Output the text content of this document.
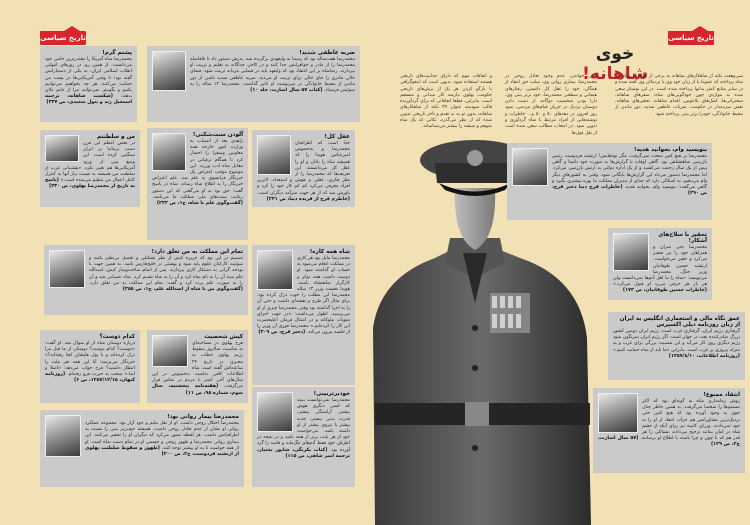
تاریخ سیاسی	تاریخ سیاسی
خوی شاهانه!
سی‌وهفت نکته از شاهکارهای شاهانه به برخی از اتفاقات پیرامونی شاه پرداخته که عموما یا از زبان خود وی یا نزدیکان وی گفته شده و در سایر منابع کمتر بدانها پرداخته شده است. در این نوشتار سعی شده به مواردی چون خودگویی‌های شاه، سفرهای شاهانه، سخنرانی‌ها، کمک‌های بلاعوض، اقدام شاهانه، تحقیرهای شاهانه، نقش سردمدار در حکومت، ضربات عاطفی شدید، دور ماندن از محیط خانوادگی، خودرا برتر بینی پرداخته شود.
الهی خواندن، عدم وجود تعادل روحی در محمدرضا، بیماری روانی وی، سلب حق انتقاد از همگان، خود را عقل کل دانستن، رفتارهای هیجانی و سطحی محمدرضا، خود برتر بینی وی، دارا بودن شخصیت دوگانه، از دست دادن دوستان نزدیک در جریان قیام‌های مردمی، نمود روز افزون در دهه‌های ۵۰ و ۵۰ و... خاطرات و نوشته‌هایی از افراد مرتبط با شاه گردآوری و تدوین شود. در انتخاب مطالب سعی شده است از نقل قول‌ها
و اتفاقات مهم که دارای جذابیت‌های تاریخی هستند استفاده شود. بدیهی است که اینفوگرافی با بازگو کردن هر یک از برش‌های تاریخی حکومت پهلوی نیازمند کار میدانی و منسجم است. بنابراین، قطعا اتفاقاتی که برای گردآورنده قالب سودمند عنوان ۳۷ نکته از شاهکارهای شاهانه، بدون تو به به تقدم و تاخر تاریخی تدوین شده که از نظر می‌گذرد، نکاتی که یک شاه متوهم و شیفته را بیشتر می‌شناساند.
پشتم گرم!

محمدرضا شاه آمریکا را مقتدرترین حامی خود می‌دانست. از همین رو، در روزهای انتهایی انقلاب اسلامی ایران، به یکی از دستیارانش گفته بود: تا وقتی آمریکایی‌ها در پشت من حمایت می‌کنند، هر چه بخواهیم می‌توانیم بکنیم و بگوییم. نمی‌توانند مرا از جایم تکان بدهند. (شکست شاهانه، ترجمه اسمعیل زند و بتول سعیدی، ص ۳۳۷)

ضربه عاطفی شدید!

محمدرضا هفت‌ساله بود که رسما به ولیعهدی برگزیده شد. پدرش دستور داد تا بلافاصله محمدرضا را از مادر و خواهرانش جدا کنند و در کاخی جداگانه به تعلیم و تربیت او بپردازند. رضاشاه بر این اعتقاد بود که ولیعهد باید در فضایی مردانه تربیت شود. فضای خالی مادری را جای خالی برای تربیت او می‌دید. ضربه عاطفی شدید ناشی از دور ماندن از محیط خانوادگی در سرنوشت او تاثیر گذاشت. محمدرضا ۱۲ ساله را به سوئیس فرستاد. (کتاب ۵۷ سال اسارت، جلد ۱۰)

من و سلطنتم

در بخش اعظم این قرن دست بریتانیا بر ایران سنگینی کرده است. این وضع پس از ورود آمریکایی‌ها هم تغییر نکرد. «پشتیبانی غرب از سلطنت من همیشه به نسبت نیاز آنها به کنترل کامل اعمال من تنظیم می‌شده است.» (پاسخ به تاریخ از محمدرضا پهلوی، ص ۲۳۰)

آلودن سنت‌شکنی!

زاهدی بعد از انتصاب به وزارت امور خارجه همه معاونین وسفرا را احضار کرد تا همگام ترقیاتی در مقابل شاه ادب ورزند. این موضوع موجب اعتراض یک خبرنگار فرانسوی به علم شد. علم اعتراض خبرنگار را به اطلاع شاه رساند. شاه در پاسخ گفت: حق بود به او می‌گفتی که این دستور رعایت سنت‌های ملی مملکت ما می‌باشد. (گفت‌وگوی علم با شاه، ج۱، ص ۲۳۲)

عقل کل!

خدا است که اطرافیان محمدرضا و به‌خصوص امیرعباس هویدا را که همیشه شاه را نادان و او را عقل کل می‌دانستند. این تعریف‌ها که محمدرضا را از نظر فکری، عقلی و هوش و استعداد، لاترین افراد معرفی می‌کرد کم کم کار خود را کرد و باورش شد که از هر جهت سرآمد دیگران است. (خاطرم فرح از فریده دیبا، ص ۲۴۱)

تمام این مملکت به من تعلق دارد!

تصمیم در این بود که جزیره کیش از نظر تشکیلی و تحمیل بی‌نظیر باشد و سوئیت کارکنان علوم پایه شود و بهشتی در خلیج‌فارس باشد. به همین جهت با بودجه گرانی به دشتکار کاری بپردازند. پس از اتمام ساخت‌وساز کیش، اسدالله علم سند آن را به نام شاه کرد و آن را به شاه تقدیم کرد. شاه عصبانی شد و آن را به صورت علم پرت کرد و گفت: تمام این مملکت به من تعلق دارد. (گفت‌وگوی من با شاه از اسدالله علم، ج۱، ص ۳۵۵)

شاه همه کاره!

محمدرضا مایل بود هر کاری در مملکت انجام می‌شود به حساب او گذاشته شود. او دوست داشت همه نوکر و کارگزار شاهنشاه باشند. هویدا نخست وزیر ۱۳ ساله محمدرضا این مطلب را خوب درک کرده بود. برای مثال اگر طرح و نقشه‌ای داشت و حتی آن را به اجرا گذاشته بود وقتی محمدرضا چیزی از او می‌پرسید، اظهار می‌داشت: «در جهت اجرای منویات ملوکانه و در امتثال فرمان اعلیحضرت این کار را کرده‌ایم.» محمدرضا فوری آن وزیر را از جلسه بیرون می‌کند. (دختر فرح، ص ۳۰۹)

کدام دوست؟

درباره دوستان شاه از او سوال شد. او گفت: «دوست؟ کدام دوست؟ دوستان از ما قبل مرا ترک کرده‌اند و با پول هایشان کجا رفته‌اند؟» خبرنگار می‌پرسد: آیا این همه نفر ملت را انتظار داشتید؟ فرح جواب می‌دهد: «اصلا و ابدا.» سخت به حیرت فرو رفته‌ام. (روزنامه کیهان، ۱۳۵۷/۱۲/۱۵، ص ۶)

کیش شخصیت

فرح پهلوی در مصاحبه‌ای به مناسبت سالروز سقوط رژیم پهلوی خطاب به مخبری در تاریخ ۲۴ ساعته‌اش گفته است شاه اطلاعات کافی نداشت به‌خصوص در این سال‌های آخر. کمتر با مردم در تماس قرار می‌گرفت. (هفته‌نامه پنجشنبه، سال سوم، شماره ۹۵، ص ۱۱)

محمدرضا بیمار روانی بود!

محمدرضا اختلال روحی داشت. او از نقل ملیم و خود آزار بود. مجموعه عملکرد روانی او نشان از عدم تعادل روحی داشت. همیشه خودبرتر بینی را نسبت به اطرافیانش داشت. هر لحظه تصور می‌کرد که دیگران او را تحقیر می‌کنند. این بیماری روانی محمدرضا و ظهور روحی و جسمی او در تمام دست شاه است. او از همه خواست تا به او بیشتر توجه کنند. (ظهور و سقوط سلطنت پهلوی از ارتشبد فردوست، ج۲، ص ۲۰۰)

خودبرتربینی!

محمدرضا نمی‌توانست ببیند که کسی دیگری هوش بیشتر، آراستگی بیشتر، قدرت بدنی بیشتر، جذبه بیشتر یا نیروی بیشتر از او داشته باشد. می‌خواست خود از هر بابت برتر از همه باشد و در نتیجه در اطراف خود فقط آدم‌های تنگ‌مایه و فاسد را گرد آورده بود. (کتاب یکرنگی، شاپور بختیار، ترجمه امیر شاهی، ص ۱۱۵)

بنویسید وام، بخوانید هدیه!

محمدرضا بر هیچ کس سخت نمی‌گرفت، مگر نوه‌هایش! ارتشبد فردوست رئیس بازرسی شاهنشاهی بود. گاهی اوقات با گزارش‌ها به صورت خود داشتا و گاهی بیش از یک سال زحمت می‌کشید و از یک اداره دولتی به ارتش بازرسی می‌کرد. اما محمدرضا دستور می‌داد این گزارش‌ها بایگانی شود. وقتی به کشورهای دیگر وام می‌دهیم، به اشکالی دارد که جدای از مدیران مملکت ما بهره بیشتری بگیرد و گاهی می‌گفت: بنویسید وام، بخوانید هدیه. (خاطرات فرح دیبا دختر فرح، ص ۲۹۰)

تحقیر با سلاح‌های آشکار!

محمدرضا حتی سران و همراهان خود را نیز تحقیر می‌کرد و حقیر می‌خواست. ارتشبد حسین طوفانیان وزیر جنگ، محمدرضا می‌نویسد: «شاه را ما اهل آدم‌ها نمی‌دانست ولی هر بار هر حرفی می‌زد او قبول می‌کرد.» (خاطرات حسین طوفانیان، ص ۱۷۲)

عمق نگاه مالی و استعماری انگلیس به ایران از زبان روزنامه دیلی اکسپرس

گرفتاری رژیم ایران، گرفتاری غرب است. رژیم ایران دومین کشور بزرگ صادرکننده نفت در جهان است. اگر رژیم ایران سرنگون شود رژیم دیگری روی کار می‌آید و این مصیبت بزرگی برای غرب و به منزله پیروزی بر غرب است. بنابراین «ما باید از شاه حمایت کنیم.» (روزنامه اطلاعات، ۱۳۵۷/۸/۱۰)

انتقاد ممنوع!

روش زمامداری شاه به گونه‌ای بود که اکثر تصمیم‌ها را شخصا می‌گرفت. به همین خاطر چنان خوی به وجود آورده بود که هیچ کس حتی نزدیک‌ترین مشاورانش هم جرأت انتقاد از او را به خود نمی‌دادند. وزرای کابینه نیز برای آنکه از خشم شاه در امان بمانند ترجیح می‌دادند مسائلی را هر قدر هم که با چون و چرا باشند با اطلاع او برسانند. (۵۷ سال اسارت، ج۲، ص ۱۲۹)
